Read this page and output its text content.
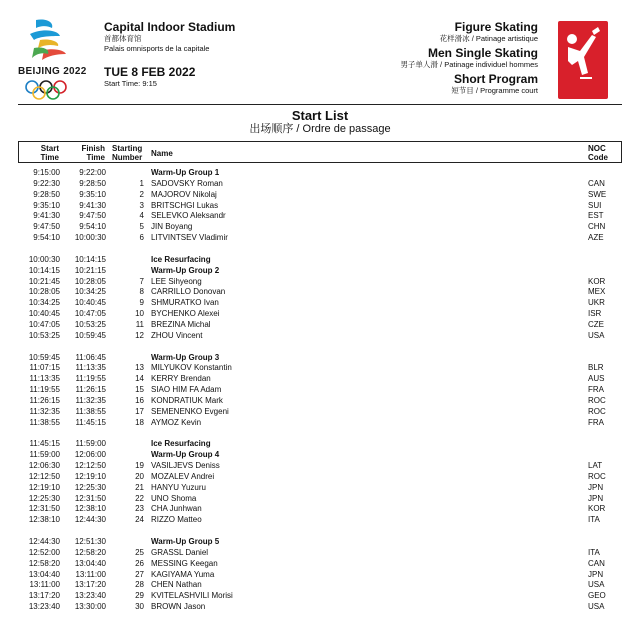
BEIJING 2022
Capital Indoor Stadium
首都体育馆
Palais omnisports de la capitale
TUE 8 FEB 2022
Start Time: 9:15
Figure Skating
花样滑冰 / Patinage artistique
Men Single Skating
男子单人滑 / Patinage individuel hommes
Short Program
短节目 / Programme court
Start List
出场顺序 / Ordre de passage
Start
Time
Finish
Time
Starting
Number Name
NOC
Code
9:15:00 9:22:00	Warm-Up Group 1
9:22:30 9:28:50	1 SADOVSKY Roman	CAN
9:28:50 9:35:10	2 MAJOROV Nikolaj	SWE
9:35:10 9:41:30	3 BRITSCHGI Lukas	SUI
9:41:30 9:47:50	4 SELEVKO Aleksandr	EST
9:47:50 9:54:10	5 JIN Boyang	CHN
9:54:10 10:00:30	6 LITVINTSEV Vladimir	AZE
10:00:30 10:14:15	Ice Resurfacing
10:14:15 10:21:15	Warm-Up Group 2
10:21:45 10:28:05	7 LEE Sihyeong	KOR
10:28:05 10:34:25	8 CARRILLO Donovan	MEX
10:34:25 10:40:45	9 SHMURATKO Ivan	UKR
10:40:45 10:47:05	10 BYCHENKO Alexei	ISR
10:47:05 10:53:25	11 BREZINA Michal	CZE
10:53:25 10:59:45	12 ZHOU Vincent	USA
10:59:45 11:06:45	Warm-Up Group 3
11:07:15 11:13:35	13 MILYUKOV Konstantin	BLR
11:13:35 11:19:55	14 KERRY Brendan	AUS
11:19:55 11:26:15	15 SIAO HIM FA Adam	FRA
11:26:15 11:32:35	16 KONDRATIUK Mark	ROC
11:32:35 11:38:55	17 SEMENENKO Evgeni	ROC
11:38:55 11:45:15	18 AYMOZ Kevin	FRA
11:45:15 11:59:00	Ice Resurfacing
11:59:00 12:06:00	Warm-Up Group 4
12:06:30 12:12:50	19 VASILJEVS Deniss	LAT
12:12:50 12:19:10	20 MOZALEV Andrei	ROC
12:19:10 12:25:30	21 HANYU Yuzuru	JPN
12:25:30 12:31:50	22 UNO Shoma	JPN
12:31:50 12:38:10	23 CHA Junhwan	KOR
12:38:10 12:44:30	24 RIZZO Matteo	ITA
12:44:30 12:51:30	Warm-Up Group 5
12:52:00 12:58:20	25 GRASSL Daniel	ITA
12:58:20 13:04:40	26 MESSING Keegan	CAN
13:04:40 13:11:00	27 KAGIYAMA Yuma	JPN
13:11:00 13:17:20	28 CHEN Nathan	USA
13:17:20 13:23:40	29 KVITELASHVILI Morisi	GEO
13:23:40 13:30:00	30 BROWN Jason	USA
